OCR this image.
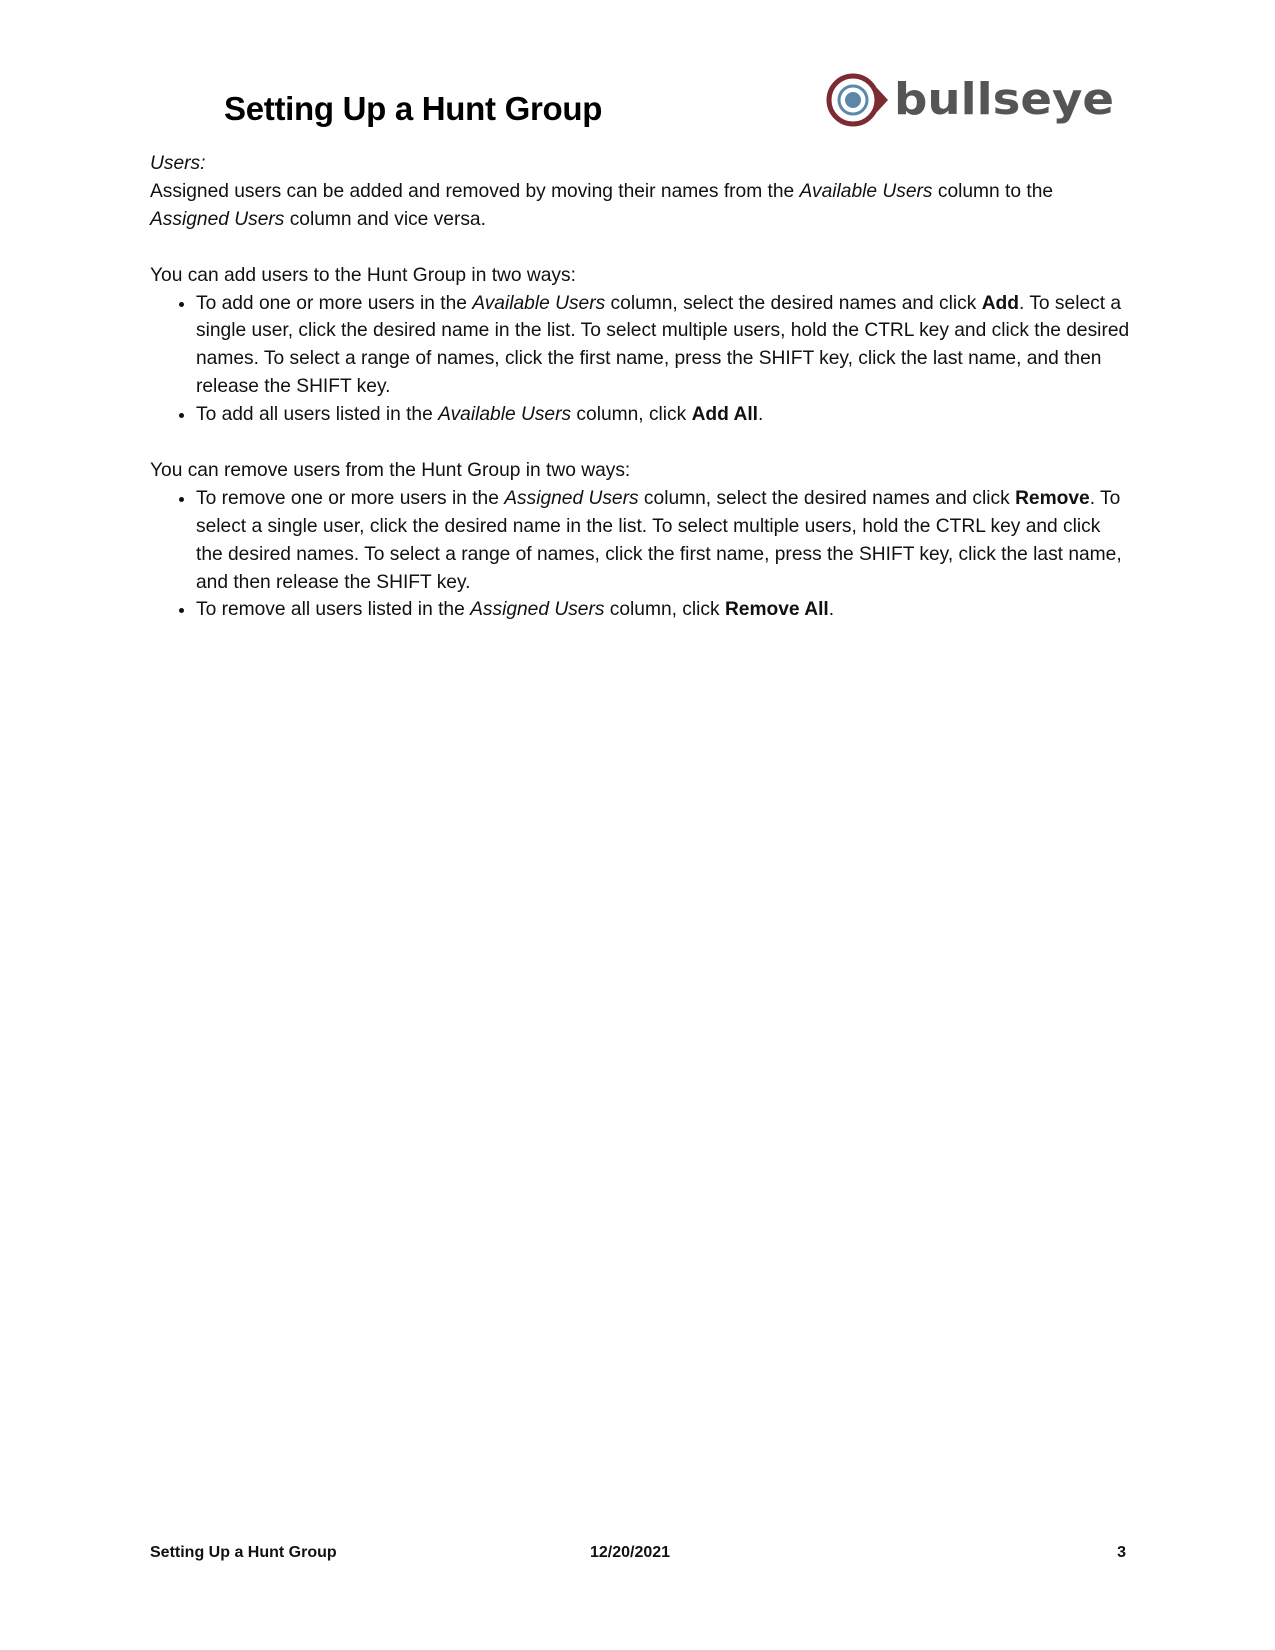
Setting Up a Hunt Group	bullseye

Users:

Assigned users can be added and removed by moving their names from the Available Users column to the Assigned Users column and vice versa.

You can add users to the Hunt Group in two ways:

• To add one or more users in the Available Users column, select the desired names and click Add. To select a single user, click the desired name in the list. To select multiple users, hold the CTRL key and click the desired names. To select a range of names, click the first name, press the SHIFT key, click the last name, and then release the SHIFT key.
• To add all users listed in the Available Users column, click Add All.

You can remove users from the Hunt Group in two ways:

• To remove one or more users in the Assigned Users column, select the desired names and click Remove. To select a single user, click the desired name in the list. To select multiple users, hold the CTRL key and click the desired names. To select a range of names, click the first name, press the SHIFT key, click the last name, and then release the SHIFT key.
• To remove all users listed in the Assigned Users column, click Remove All.
Setting Up a Hunt Group	12/20/2021	3
